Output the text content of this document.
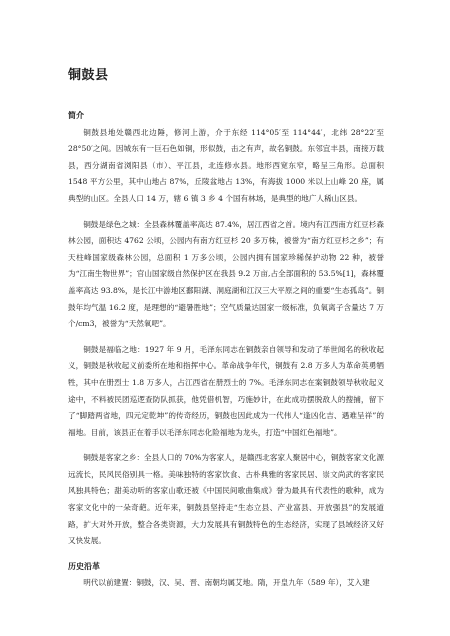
铜鼓县

简介

铜鼓县地处赣西北边陲，修河上游，介于东经 114°05′至 114°44′，北纬 28°22′至 28°50′之间。因城东有一巨石色如铜，形似鼓，击之有声，故名铜鼓。东邻宜丰县，南接万载县，西分湖南省浏阳县（市）、平江县，北连修水县。地形西宽东窄，略呈三角形。总面积 1548 平方公里，其中山地占 87%，丘陵盆地占 13%，有海拔 1000 米以上山峰 20 座，属典型的山区。全县人口 14 万，辖 6 镇 3 乡 4 个国有林场，是典型的地广人稀山区县。

铜鼓是绿色之城：全县森林覆盖率高达 87.4%，居江西省之首。境内有江西南方红豆杉森林公园，面积达 4762 公顷，公园内有南方红豆杉 20 多万株，被誉为“南方红豆杉之乡”；有天柱峰国家级森林公园，总面积 1 万多公顷，公园内拥有国家珍稀保护动物 22 种，被誉为“江南生物世界”；官山国家级自然保护区在我县 9.2 万亩,占全部面积的 53.5%[1]，森林覆盖率高达 93.8%，是长江中游地区鄱阳湖、洞庭湖和江汉三大平原之间的重要“生态孤岛”。铜鼓年均气温 16.2 度，是理想的“避暑胜地”；空气质量达国家一级标准，负氧离子含量达 7 万个/cm3，被誉为“天然氧吧”。

铜鼓是福临之地：1927 年 9 月，毛泽东同志在铜鼓亲自领导和发动了举世闻名的秋收起义，铜鼓是秋收起义前委所在地和指挥中心。革命战争年代，铜鼓有 2.8 万多人为革命英勇牺牲，其中在册烈士 1.8 万多人，占江西省在册烈士的 7%。毛泽东同志在案铜鼓领导秋收起义途中，不料被民团巡逻查防队抓获，他凭借机智，巧施妙计，在此成功摆脱敌人的搜捕，留下了“脚踏两省地，四元定乾坤”的传奇经历，铜鼓也因此成为一代伟人“逢凶化吉、遇难呈祥”的福地。目前，该县正在着手以毛泽东同志化险福地为龙头，打造“中国红色福地”。

铜鼓是客家之乡：全县人口的 70%为客家人，是赣西北客家人聚居中心，铜鼓客家文化源远流长，民风民俗别具一格。美味独特的客家饮食、古朴典雅的客家民居、崇文尚武的客家民风独具特色；甜美动听的客家山歌还被《中国民间歌曲集成》誉为最具有代表性的歌种，成为客家文化中的一朵奇葩。近年来，铜鼓县坚持走“生态立县、产业富县、开放强县”的发展道路，扩大对外开放，整合各类资源，大力发展具有铜鼓特色的生态经济，实现了县域经济又好又快发展。

历史沿革

明代以前建置：铜鼓，汉、吴、晋、南朝均属艾地。隋，开皇九年（589 年），艾入建
